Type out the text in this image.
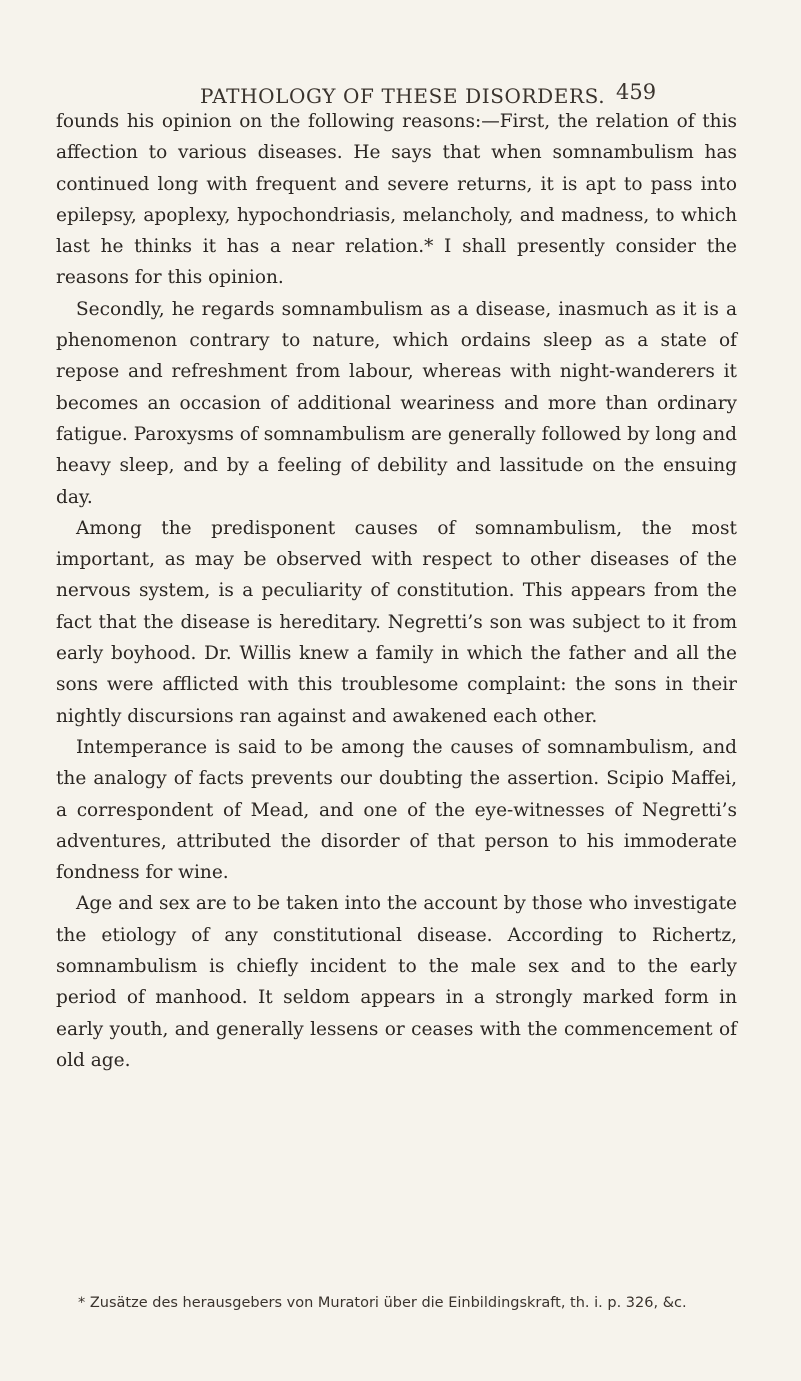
PATHOLOGY OF THESE DISORDERS. 459

founds his opinion on the following reasons:—First, the relation of this affection to various diseases. He says that when somnambulism has continued long with frequent and severe returns, it is apt to pass into epilepsy, apoplexy, hypochondriasis, melancholy, and madness, to which last he thinks it has a near relation.* I shall presently consider the reasons for this opinion.

Secondly, he regards somnambulism as a disease, inasmuch as it is a phenomenon contrary to nature, which ordains sleep as a state of repose and refreshment from labour, whereas with night-wanderers it becomes an occasion of additional weariness and more than ordinary fatigue. Paroxysms of somnambulism are generally followed by long and heavy sleep, and by a feeling of debility and lassitude on the ensuing day.

Among the predisponent causes of somnambulism, the most important, as may be observed with respect to other diseases of the nervous system, is a peculiarity of constitution. This appears from the fact that the disease is hereditary. Negretti’s son was subject to it from early boyhood. Dr. Willis knew a family in which the father and all the sons were afflicted with this troublesome complaint: the sons in their nightly discursions ran against and awakened each other.

Intemperance is said to be among the causes of somnambulism, and the analogy of facts prevents our doubting the assertion. Scipio Maffei, a correspondent of Mead, and one of the eye-witnesses of Negretti’s adventures, attributed the disorder of that person to his immoderate fondness for wine.

Age and sex are to be taken into the account by those who investigate the etiology of any constitutional disease. According to Richertz, somnambulism is chiefly incident to the male sex and to the early period of manhood. It seldom appears in a strongly marked form in early youth, and generally lessens or ceases with the commencement of old age.

* Zusätze des herausgebers von Muratori über die Einbildingskraft, th. i. p. 326, &c.
